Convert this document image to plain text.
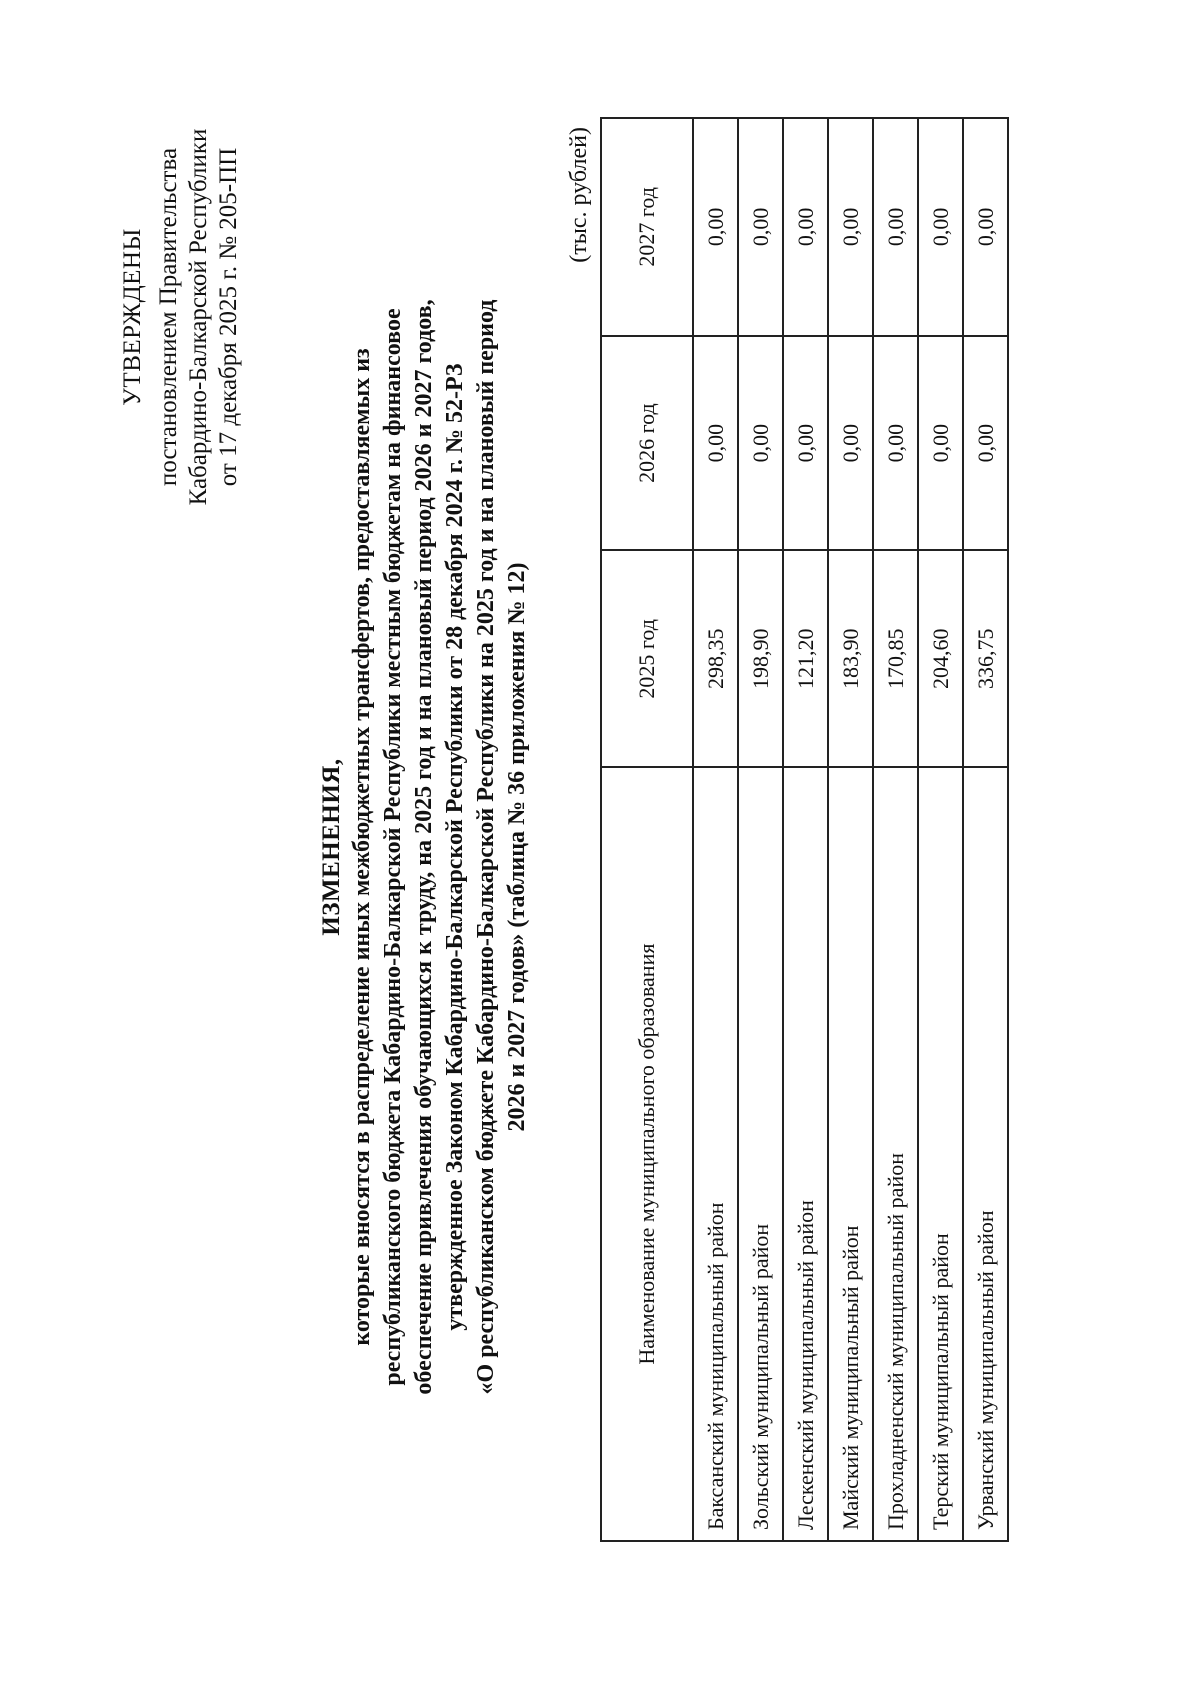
УТВЕРЖДЕНЫ постановлением Правительства Кабардино-Балкарской Республики от 17 декабря 2025 г. № 205-ПП
ИЗМЕНЕНИЯ, которые вносятся в распределение иных межбюджетных трансфертов, предоставляемых из республиканского бюджета Кабардино-Балкарской Республики местным бюджетам на финансовое обеспечение привлечения обучающихся к труду, на 2025 год и на плановый период 2026 и 2027 годов, утвержденное Законом Кабардино-Балкарской Республики от 28 декабря 2024 г. № 52-РЗ «О республиканском бюджете Кабардино-Балкарской Республики на 2025 год и на плановый период 2026 и 2027 годов» (таблица № 36 приложения № 12)
(тыс. рублей)
Наименование муниципального образования	2025 год	2026 год	2027 год
Баксанский муниципальный район	298,35	0,00	0,00
Зольский муниципальный район	198,90	0,00	0,00
Лескенский муниципальный район	121,20	0,00	0,00
Майский муниципальный район	183,90	0,00	0,00
Прохладненский муниципальный район	170,85	0,00	0,00
Терский муниципальный район	204,60	0,00	0,00
Урванский муниципальный район	336,75	0,00	0,00
